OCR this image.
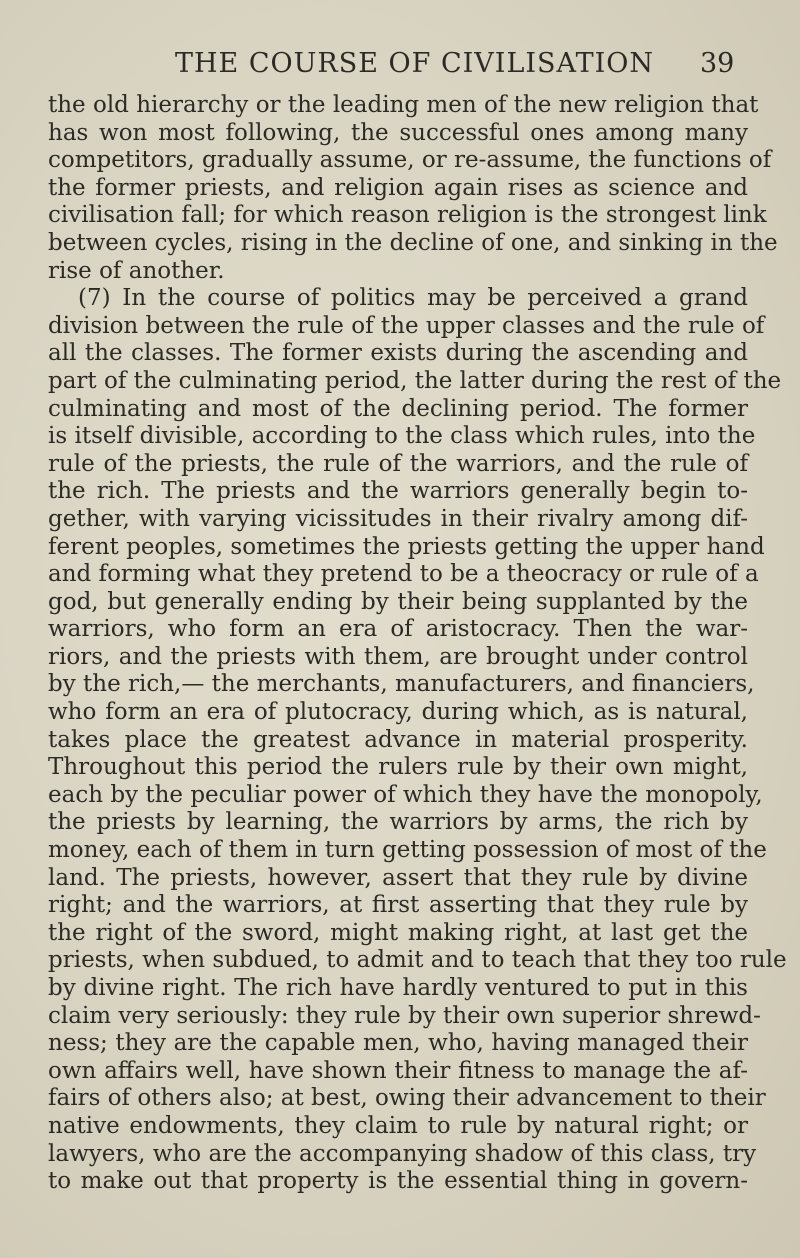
THE COURSE OF CIVILISATION 39
the old hierarchy or the leading men of the new religion that
has won most following, the successful ones among many
competitors, gradually assume, or re-assume, the functions of
the former priests, and religion again rises as science and
civilisation fall; for which reason religion is the strongest link
between cycles, rising in the decline of one, and sinking in the
rise of another.
(7) In the course of politics may be perceived a grand
division between the rule of the upper classes and the rule of
all the classes. The former exists during the ascending and
part of the culminating period, the latter during the rest of the
culminating and most of the declining period. The former
is itself divisible, according to the class which rules, into the
rule of the priests, the rule of the warriors, and the rule of
the rich. The priests and the warriors generally begin to-
gether, with varying vicissitudes in their rivalry among dif-
ferent peoples, sometimes the priests getting the upper hand
and forming what they pretend to be a theocracy or rule of a
god, but generally ending by their being supplanted by the
warriors, who form an era of aristocracy. Then the war-
riors, and the priests with them, are brought under control
by the rich,— the merchants, manufacturers, and financiers,
who form an era of plutocracy, during which, as is natural,
takes place the greatest advance in material prosperity.
Throughout this period the rulers rule by their own might,
each by the peculiar power of which they have the monopoly,
the priests by learning, the warriors by arms, the rich by
money, each of them in turn getting possession of most of the
land. The priests, however, assert that they rule by divine
right; and the warriors, at first asserting that they rule by
the right of the sword, might making right, at last get the
priests, when subdued, to admit and to teach that they too rule
by divine right. The rich have hardly ventured to put in this
claim very seriously: they rule by their own superior shrewd-
ness; they are the capable men, who, having managed their
own affairs well, have shown their fitness to manage the af-
fairs of others also; at best, owing their advancement to their
native endowments, they claim to rule by natural right; or
lawyers, who are the accompanying shadow of this class, try
to make out that property is the essential thing in govern-
